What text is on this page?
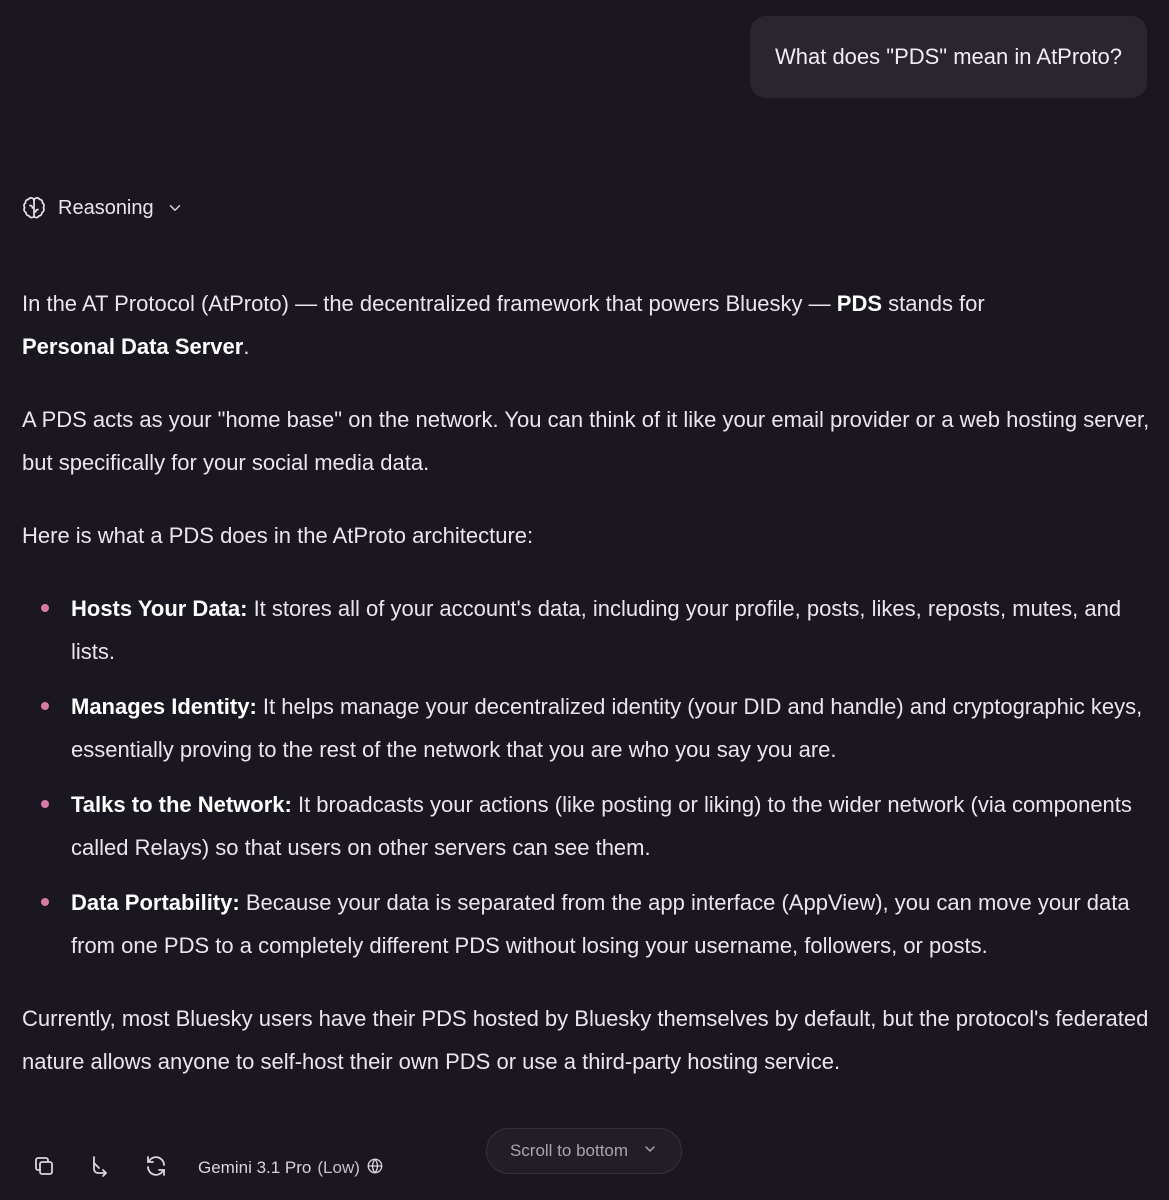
What does "PDS" mean in AtProto?
Reasoning

In the AT Protocol (AtProto) — the decentralized framework that powers Bluesky — PDS stands for
Personal Data Server.

A PDS acts as your "home base" on the network. You can think of it like your email provider or a web hosting server, but specifically for your social media data.

Here is what a PDS does in the AtProto architecture:

Hosts Your Data: It stores all of your account's data, including your profile, posts, likes, reposts, mutes, and lists.
Manages Identity: It helps manage your decentralized identity (your DID and handle) and cryptographic keys, essentially proving to the rest of the network that you are who you say you are.
Talks to the Network: It broadcasts your actions (like posting or liking) to the wider network (via components called Relays) so that users on other servers can see them.
Data Portability: Because your data is separated from the app interface (AppView), you can move your data from one PDS to a completely different PDS without losing your username, followers, or posts.

Currently, most Bluesky users have their PDS hosted by Bluesky themselves by default, but the protocol's federated nature allows anyone to self-host their own PDS or use a third-party hosting service.

Gemini 3.1 Pro (Low)
Scroll to bottom
